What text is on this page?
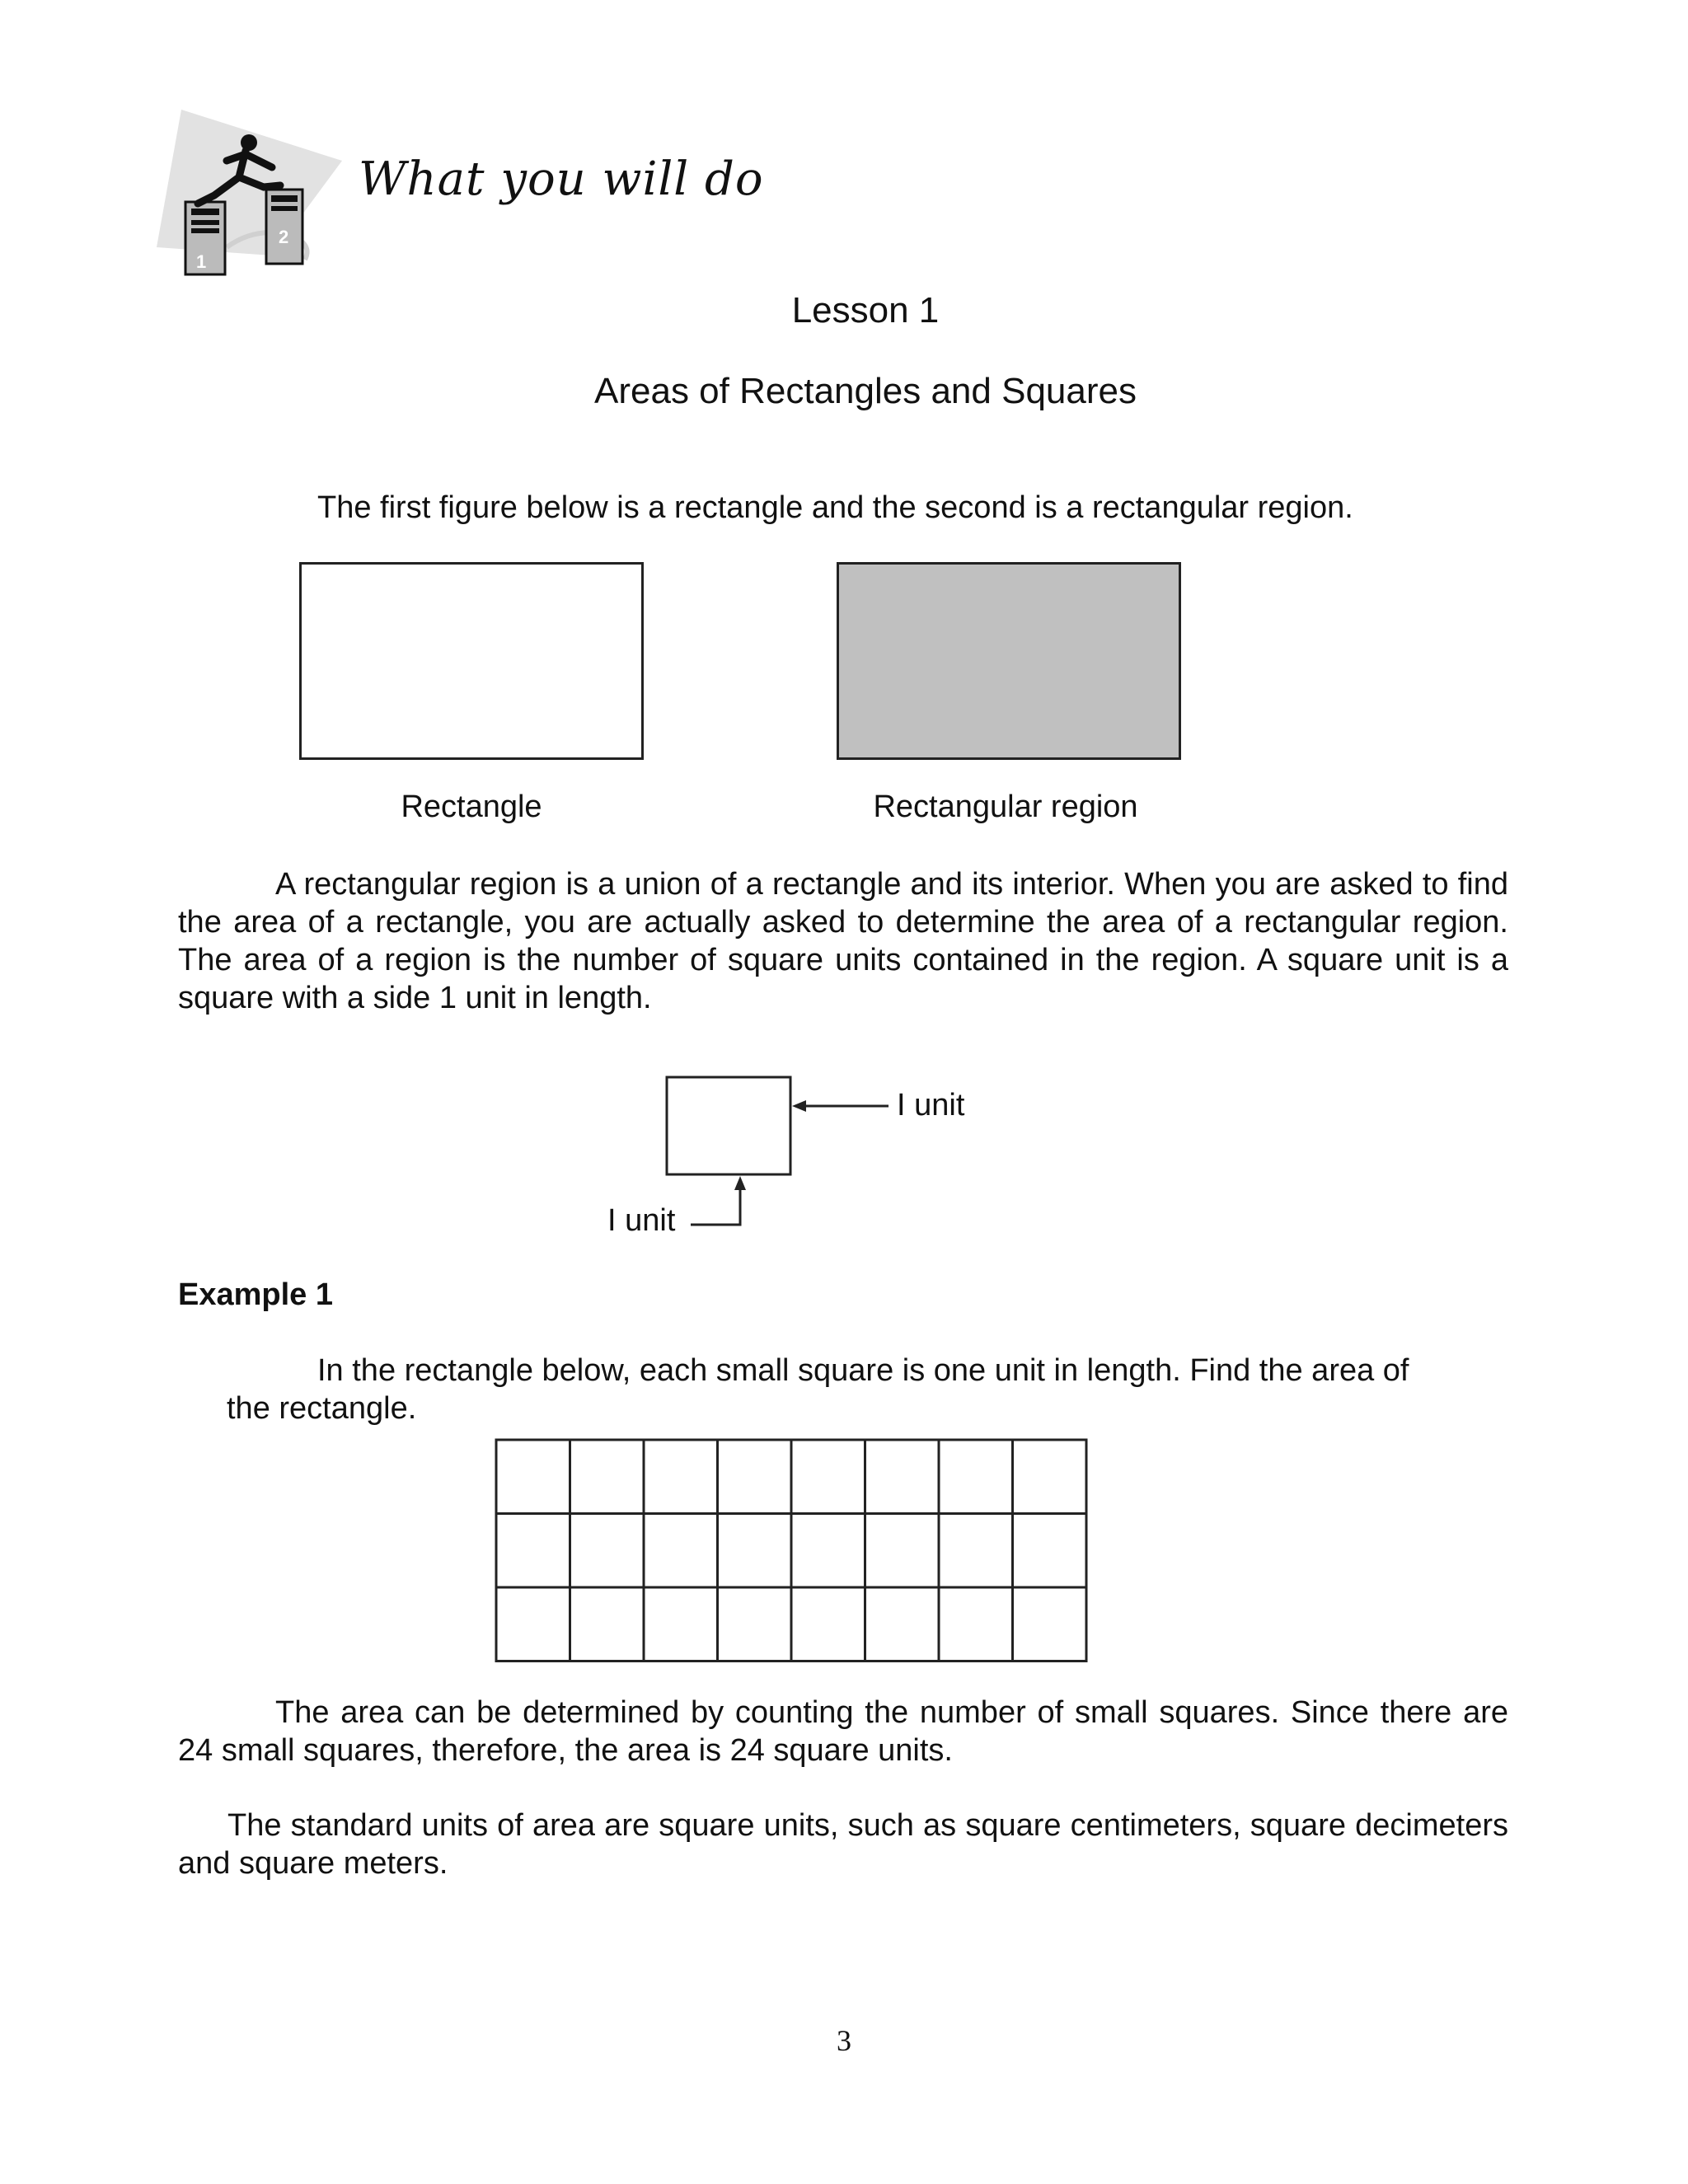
1
2
What you will do
Lesson 1
Areas of Rectangles and Squares
The first figure below is a rectangle and the second is a rectangular region.
Rectangle	Rectangular region
A rectangular region is a union of a rectangle and its interior. When you are asked to find the area of a rectangle, you are actually asked to determine the area of a rectangular region. The area of a region is the number of square units contained in the region. A square unit is a square with a side 1 unit in length.
I unit
I unit
Example 1
In the rectangle below, each small square is one unit in length. Find the area of
the rectangle.
The area can be determined by counting the number of small squares. Since there are 24 small squares, therefore, the area is 24 square units.
The standard units of area are square units, such as square centimeters, square decimeters and square meters.
3
